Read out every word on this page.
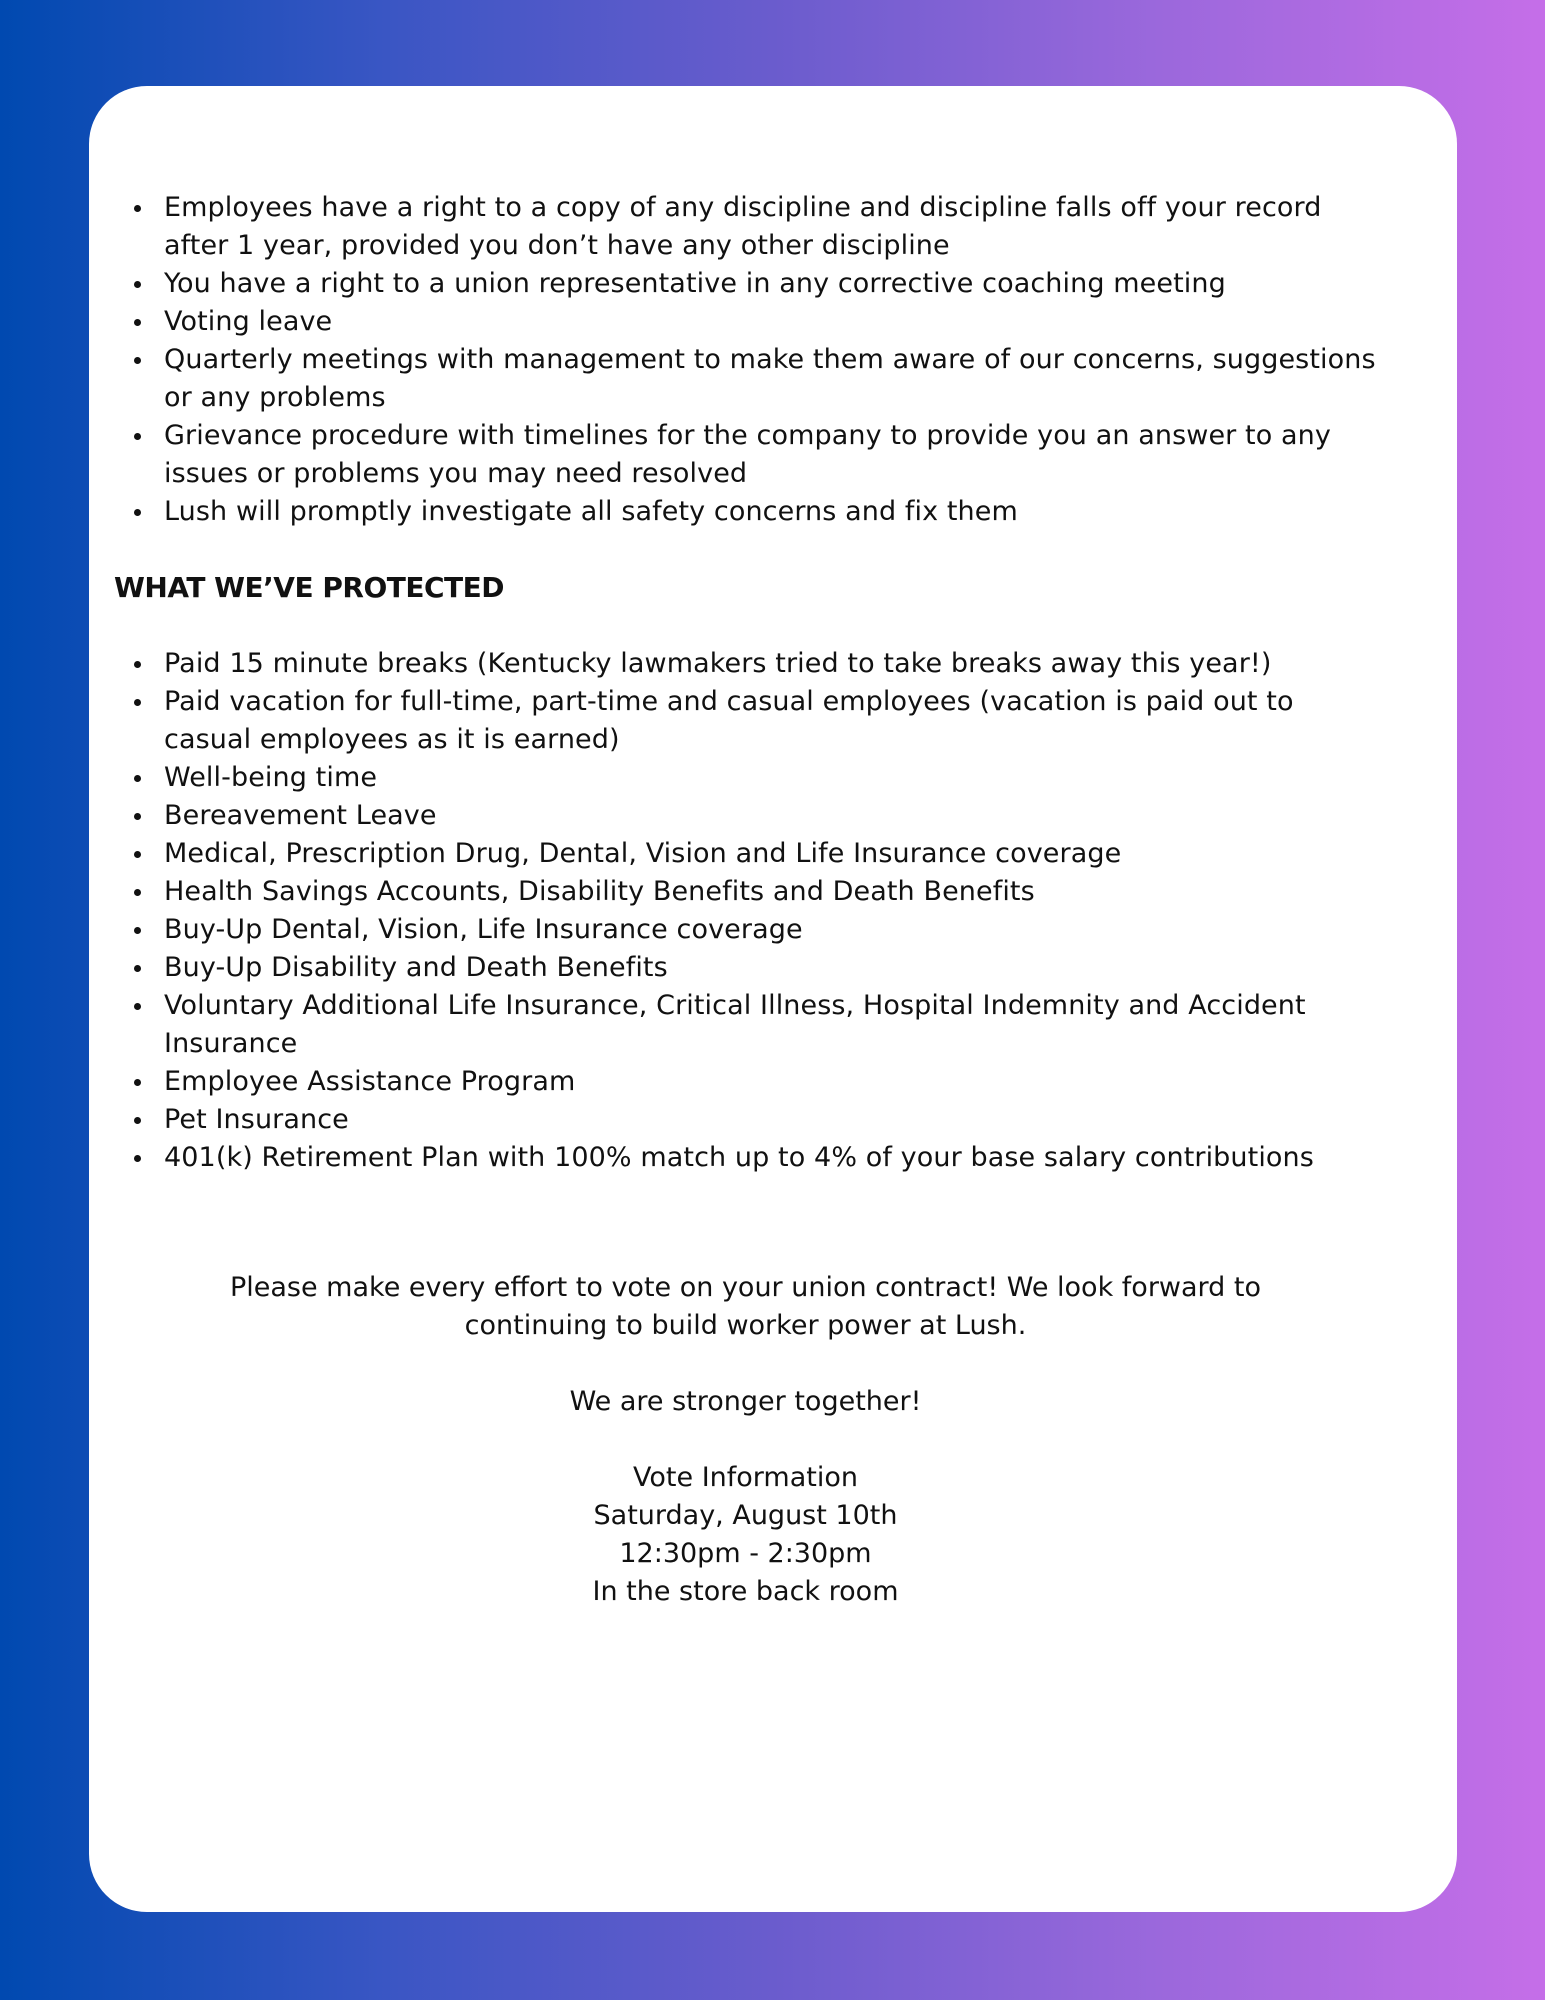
Employees have a right to a copy of any discipline and discipline falls off your record after 1 year, provided you don’t have any other discipline
You have a right to a union representative in any corrective coaching meeting
Voting leave
Quarterly meetings with management to make them aware of our concerns, suggestions or any problems
Grievance procedure with timelines for the company to provide you an answer to any issues or problems you may need resolved
Lush will promptly investigate all safety concerns and fix them
WHAT WE’VE PROTECTED
Paid 15 minute breaks (Kentucky lawmakers tried to take breaks away this year!)
Paid vacation for full-time, part-time and casual employees (vacation is paid out to casual employees as it is earned)
Well-being time
Bereavement Leave
Medical, Prescription Drug, Dental, Vision and Life Insurance coverage
Health Savings Accounts, Disability Benefits and Death Benefits
Buy-Up Dental, Vision, Life Insurance coverage
Buy-Up Disability and Death Benefits
Voluntary Additional Life Insurance, Critical Illness, Hospital Indemnity and Accident Insurance
Employee Assistance Program
Pet Insurance
401(k) Retirement Plan with 100% match up to 4% of your base salary contributions

Please make every effort to vote on your union contract! We look forward to

continuing to build worker power at Lush.

We are stronger together!

Vote Information

Saturday, August 10th

12:30pm - 2:30pm

In the store back room
